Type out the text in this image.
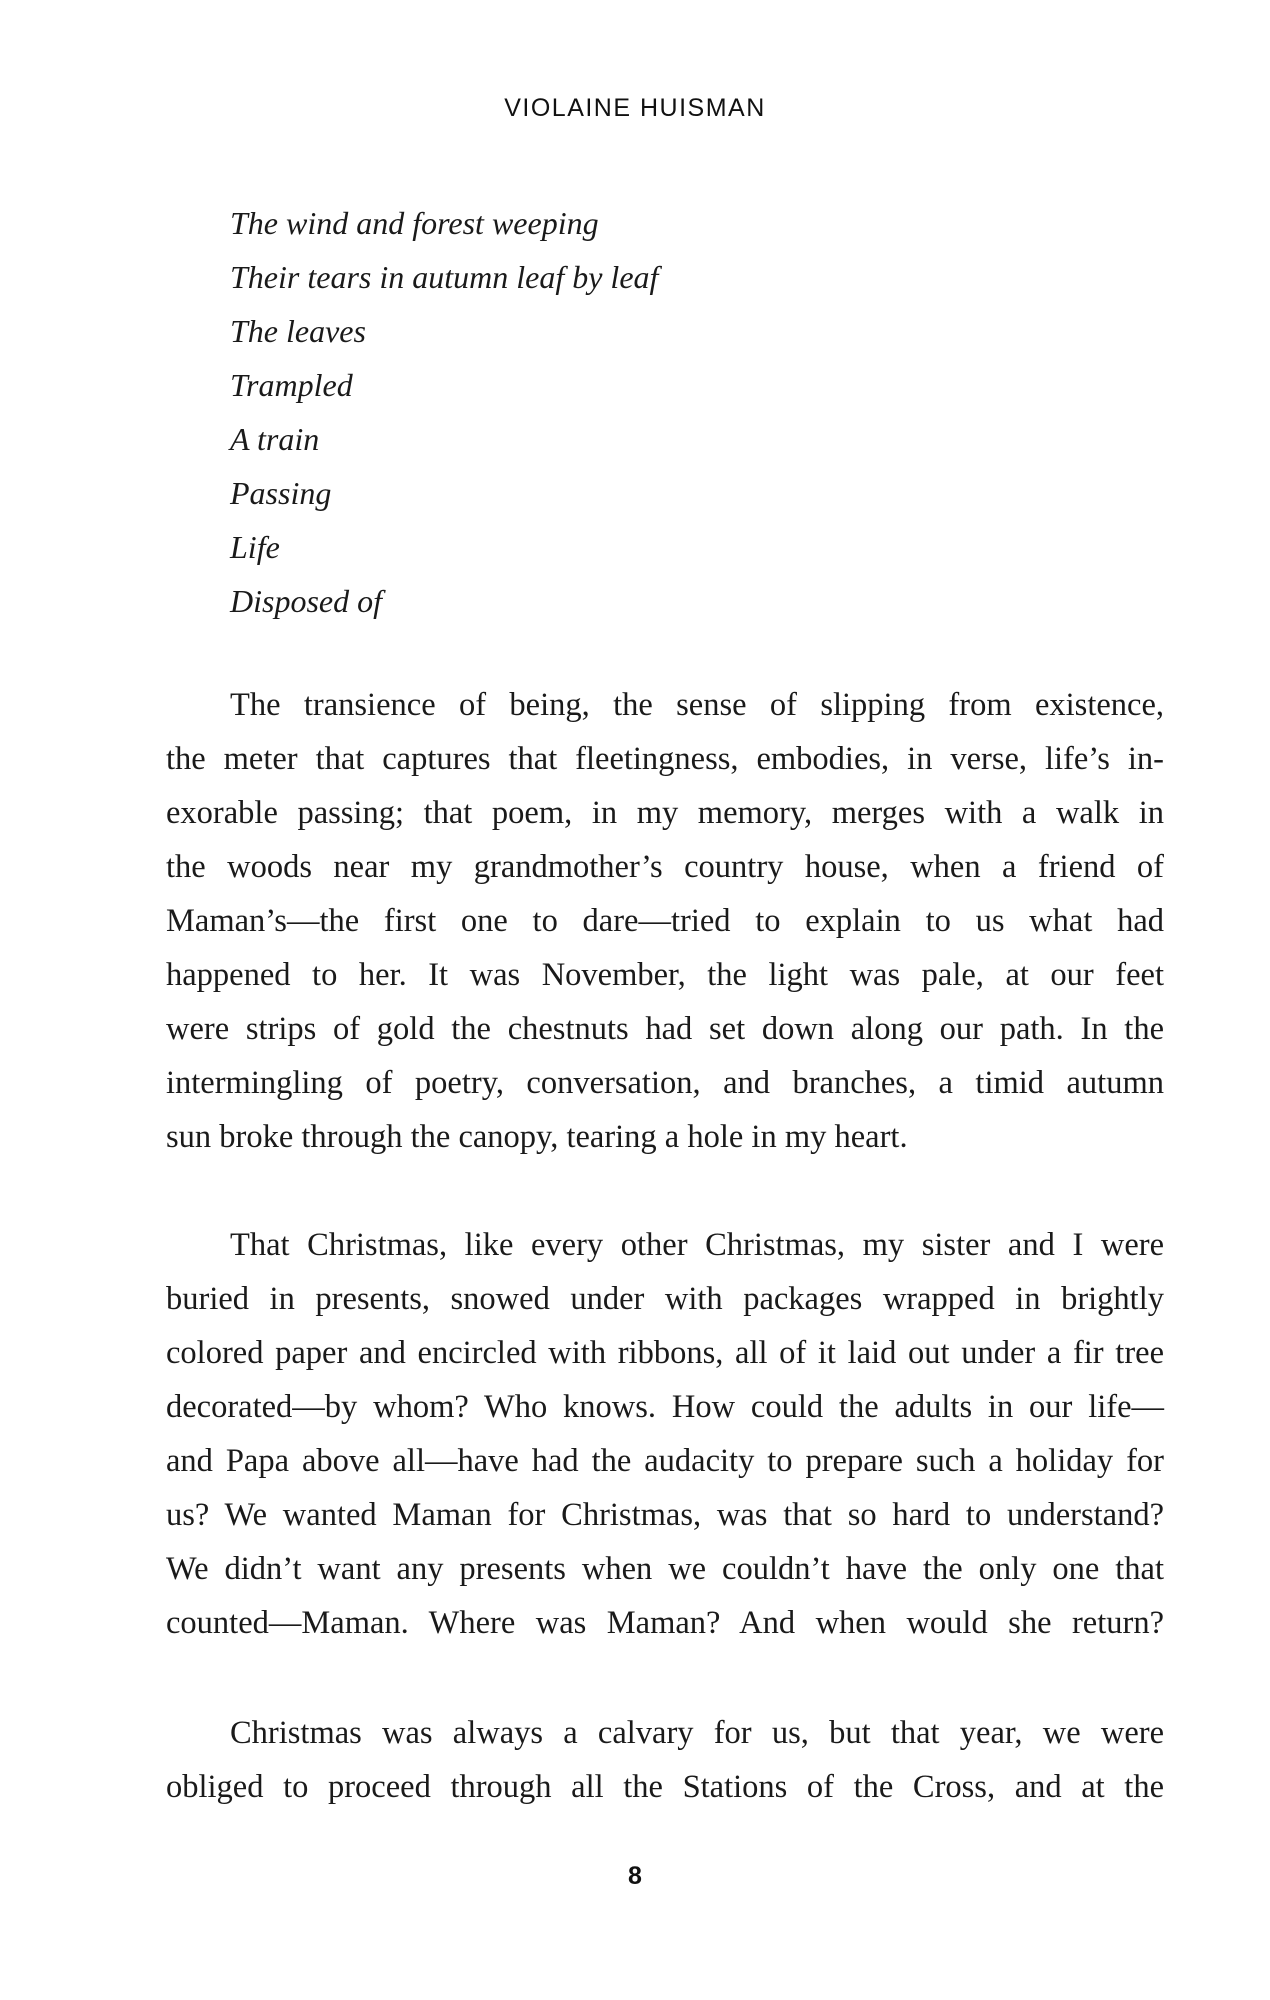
VIOLAINE HUISMAN
The wind and forest weeping
Their tears in autumn leaf by leaf
The leaves
Trampled
A train
Passing
Life
Disposed of
The transience of being, the sense of slipping from existence,
the meter that captures that fleetingness, embodies, in verse, life’s in-
exorable passing; that poem, in my memory, merges with a walk in
the woods near my grandmother’s country house, when a friend of
Maman’s—the first one to dare—tried to explain to us what had
happened to her. It was November, the light was pale, at our feet
were strips of gold the chestnuts had set down along our path. In the
intermingling of poetry, conversation, and branches, a timid autumn
sun broke through the canopy, tearing a hole in my heart.
That Christmas, like every other Christmas, my sister and I were
buried in presents, snowed under with packages wrapped in brightly
colored paper and encircled with ribbons, all of it laid out under a fir tree
decorated—by whom? Who knows. How could the adults in our life—
and Papa above all—have had the audacity to prepare such a holiday for
us? We wanted Maman for Christmas, was that so hard to understand?
We didn’t want any presents when we couldn’t have the only one that
counted—Maman. Where was Maman? And when would she return?
Christmas was always a calvary for us, but that year, we were
obliged to proceed through all the Stations of the Cross, and at the
8
